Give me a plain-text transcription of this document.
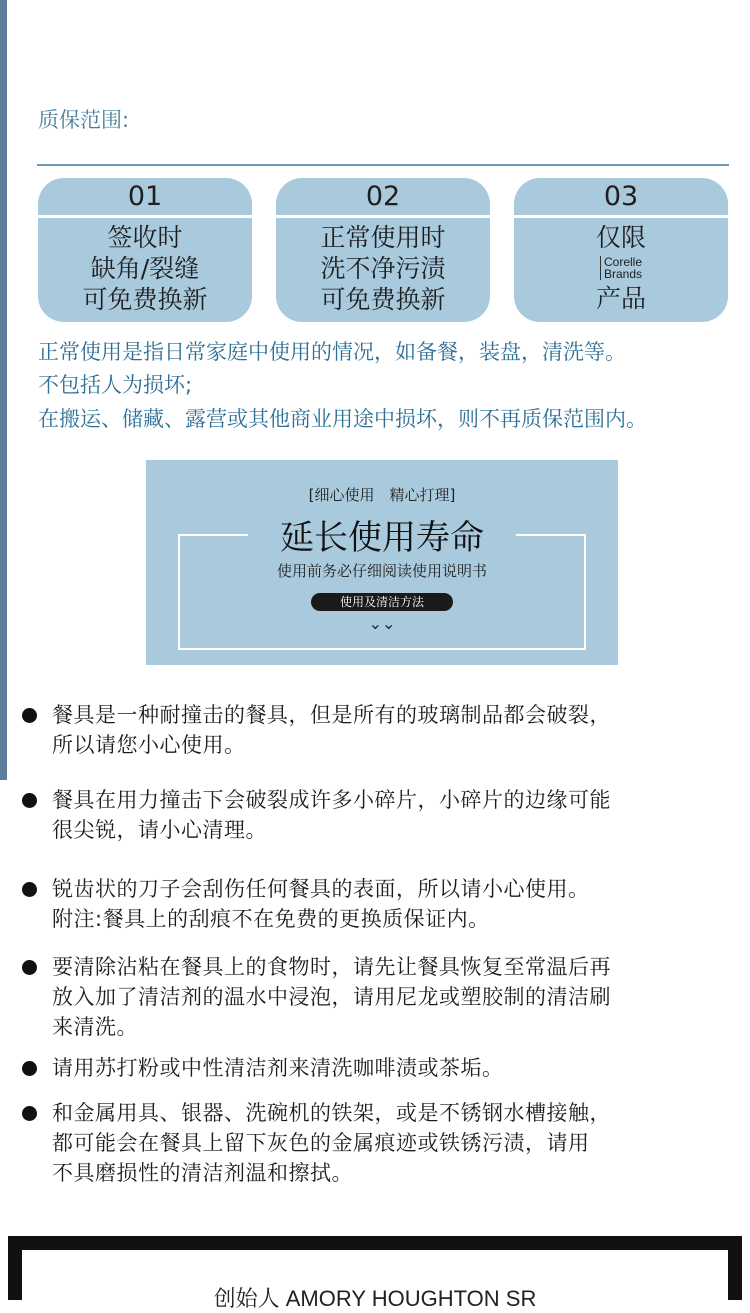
质保范围:
01
签收时
缺角/裂缝
可免费换新
02
正常使用时
洗不净污渍
可免费换新
03
仅限
Corelle
Brands
产品
正常使用是指日常家庭中使用的情况，如备餐，装盘，清洗等。
不包括人为损坏;
在搬运、储藏、露营或其他商业用途中损坏，则不再质保范围内。
[细心使用　精心打理]
延长使用寿命
使用前务必仔细阅读使用说明书
使用及清洁方法
⌄⌄
餐具是一种耐撞击的餐具，但是所有的玻璃制品都会破裂，
所以请您小心使用。
餐具在用力撞击下会破裂成许多小碎片，小碎片的边缘可能
很尖锐，请小心清理。
锐齿状的刀子会刮伤任何餐具的表面，所以请小心使用。
附注:餐具上的刮痕不在免费的更换质保证内。
要清除沾粘在餐具上的食物时，请先让餐具恢复至常温后再
放入加了清洁剂的温水中浸泡，请用尼龙或塑胶制的清洁刷
来清洗。
请用苏打粉或中性清洁剂来清洗咖啡渍或茶垢。
和金属用具、银器、洗碗机的铁架，或是不锈钢水槽接触，
都可能会在餐具上留下灰色的金属痕迹或铁锈污渍，请用
不具磨损性的清洁剂温和擦拭。
创始人 AMORY HOUGHTON SR
